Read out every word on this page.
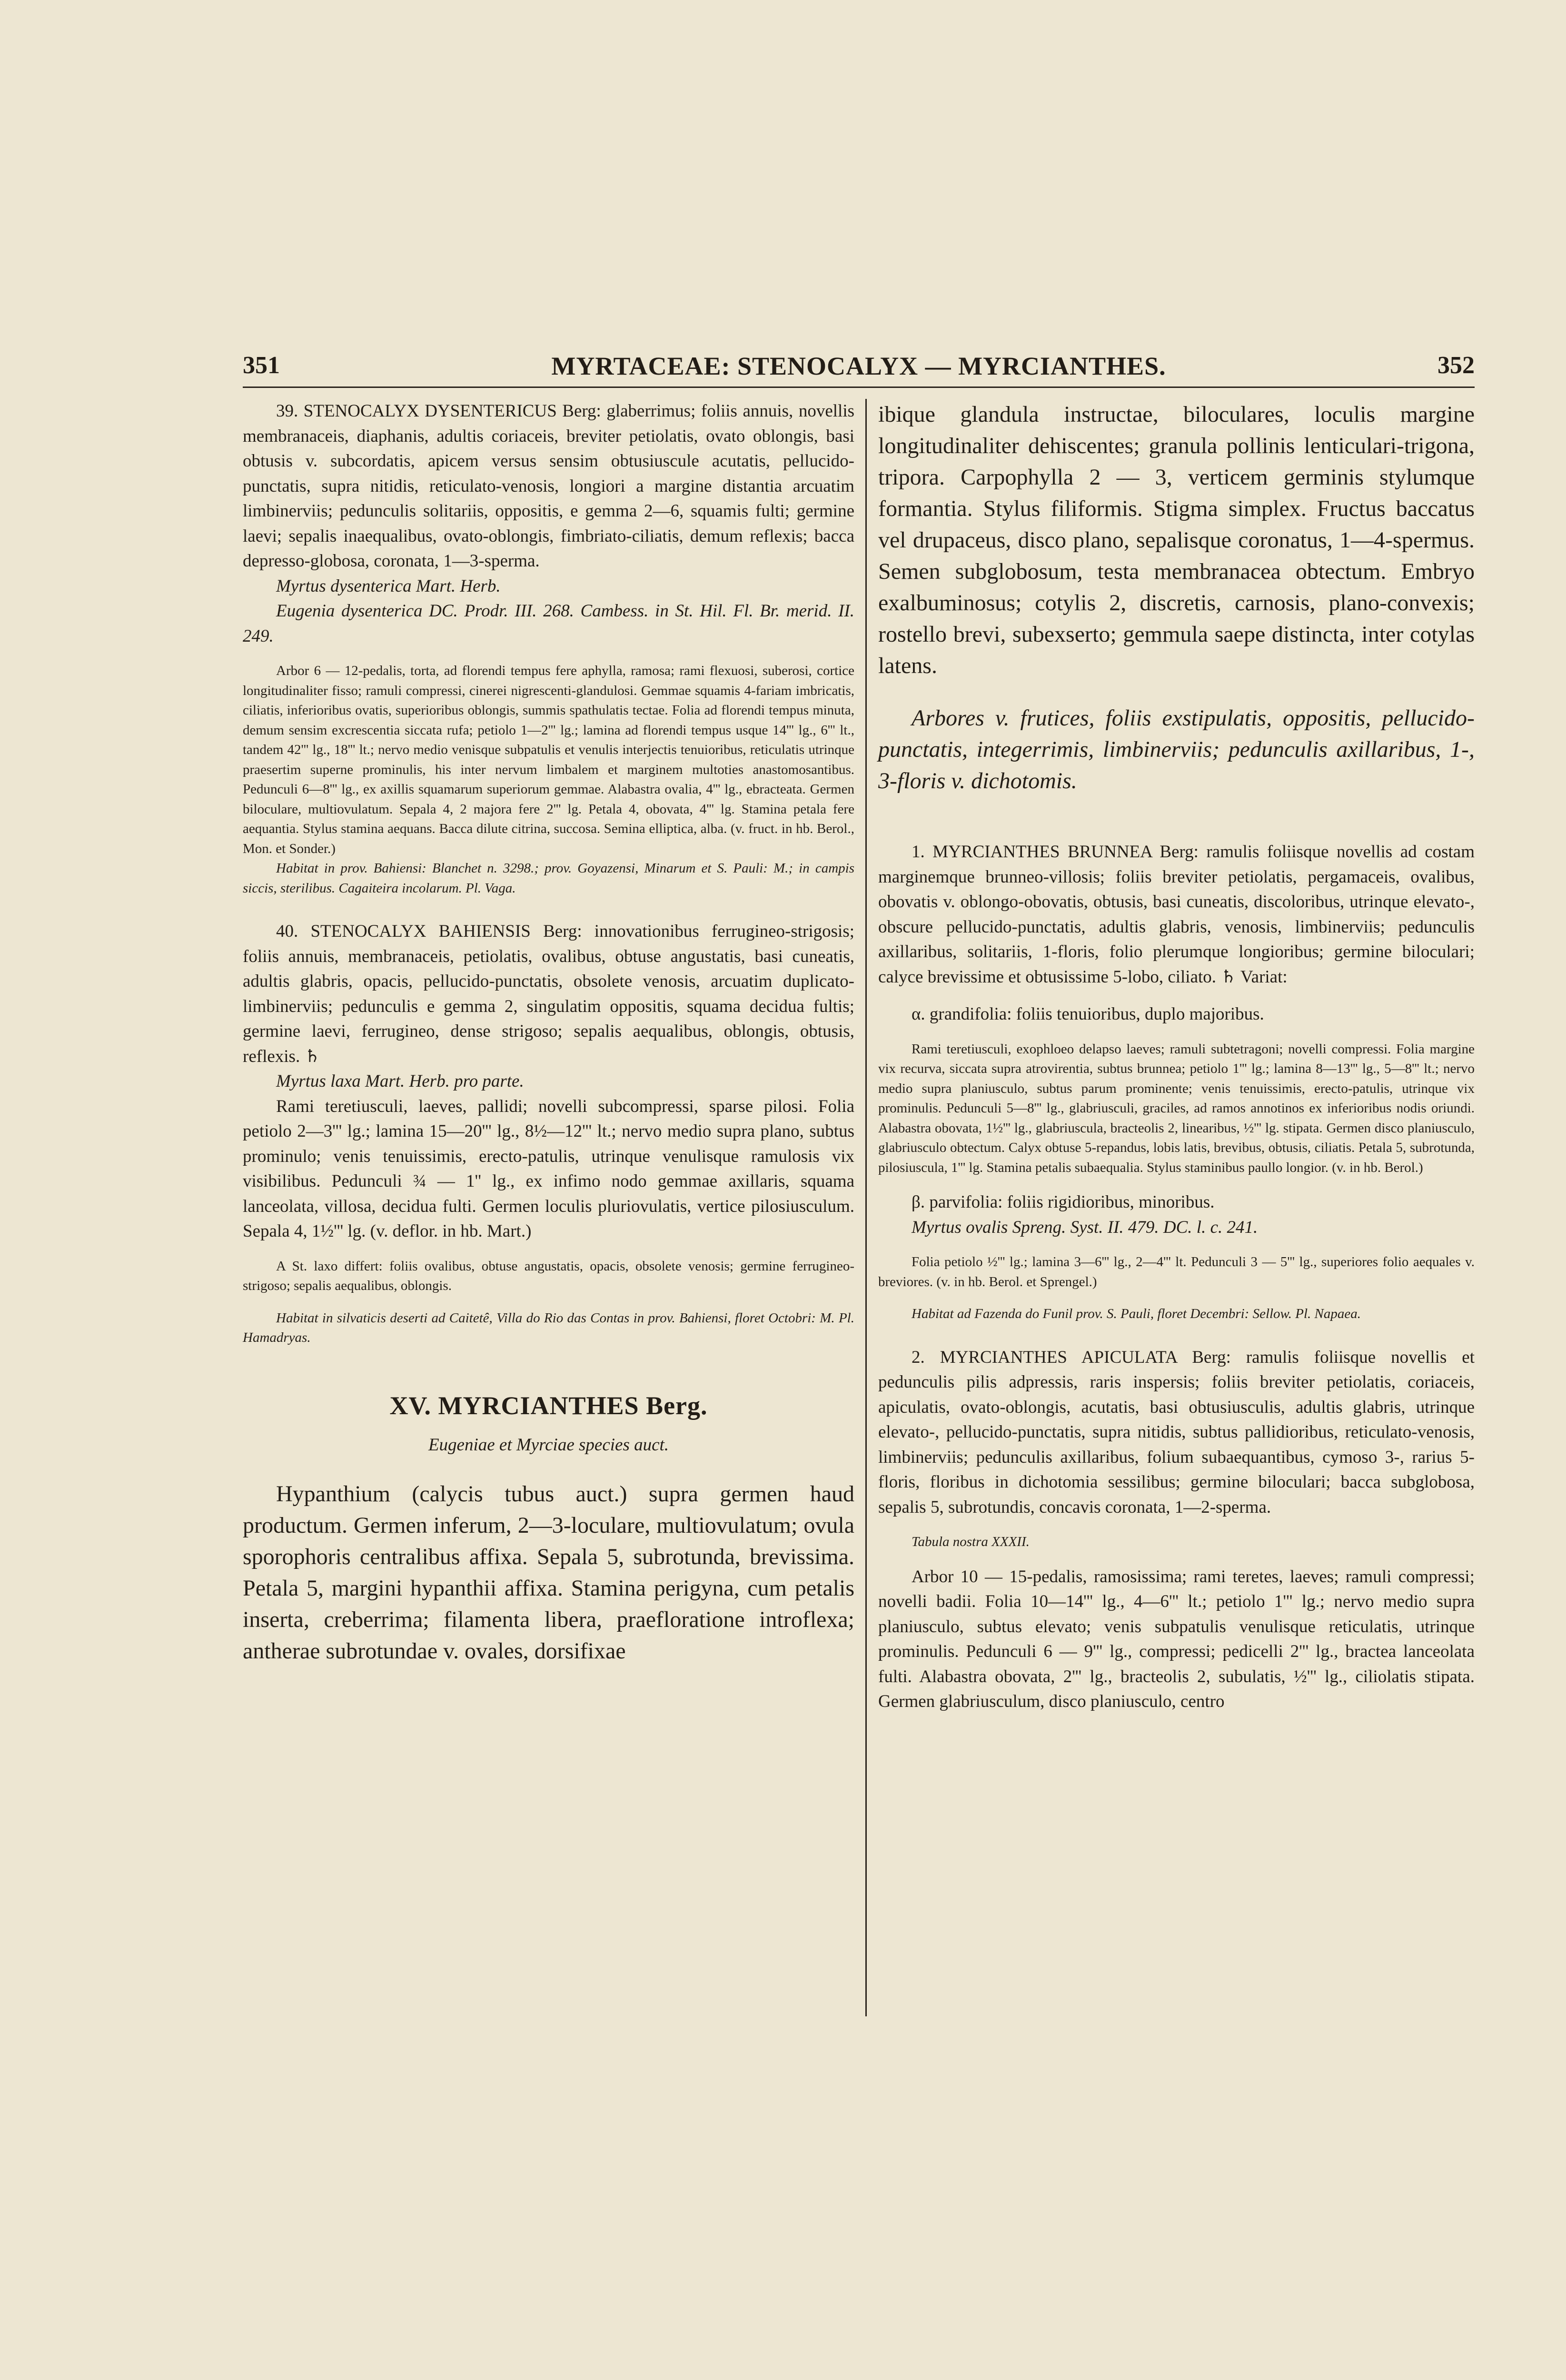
351	MYRTACEAE: STENOCALYX — MYRCIANTHES.	352

39. STENOCALYX DYSENTERICUS Berg: glaberrimus; foliis annuis, novellis membranaceis, diaphanis, adultis coriaceis, breviter petiolatis, ovato oblongis, basi obtusis v. subcordatis, apicem versus sensim obtusiuscule acutatis, pellucido-punctatis, supra nitidis, reticulato-venosis, longiori a margine distantia arcuatim limbinerviis; pedunculis solitariis, oppositis, e gemma 2—6, squamis fulti; germine laevi; sepalis inaequalibus, ovato-oblongis, fimbriato-ciliatis, demum reflexis; bacca depresso-globosa, coronata, 1—3-sperma.

Myrtus dysenterica Mart. Herb.

Eugenia dysenterica DC. Prodr. III. 268. Cambess. in St. Hil. Fl. Br. merid. II. 249.

Arbor 6 — 12-pedalis, torta, ad florendi tempus fere aphylla, ramosa; rami flexuosi, suberosi, cortice longitudinaliter fisso; ramuli compressi, cinerei nigrescenti-glandulosi. Gemmae squamis 4-fariam imbricatis, ciliatis, inferioribus ovatis, superioribus oblongis, summis spathulatis tectae. Folia ad florendi tempus minuta, demum sensim excrescentia siccata rufa; petiolo 1—2''' lg.; lamina ad florendi tempus usque 14''' lg., 6''' lt., tandem 42''' lg., 18''' lt.; nervo medio venisque subpatulis et venulis interjectis tenuioribus, reticulatis utrinque praesertim superne prominulis, his inter nervum limbalem et marginem multoties anastomosantibus. Pedunculi 6—8''' lg., ex axillis squamarum superiorum gemmae. Alabastra ovalia, 4''' lg., ebracteata. Germen biloculare, multiovulatum. Sepala 4, 2 majora fere 2''' lg. Petala 4, obovata, 4''' lg. Stamina petala fere aequantia. Stylus stamina aequans. Bacca dilute citrina, succosa. Semina elliptica, alba. (v. fruct. in hb. Berol., Mon. et Sonder.)

Habitat in prov. Bahiensi: Blanchet n. 3298.; prov. Goyazensi, Minarum et S. Pauli: M.; in campis siccis, sterilibus. Cagaiteira incolarum. Pl. Vaga.

40. STENOCALYX BAHIENSIS Berg: innovationibus ferrugineo-strigosis; foliis annuis, membranaceis, petiolatis, ovalibus, obtuse angustatis, basi cuneatis, adultis glabris, opacis, pellucido-punctatis, obsolete venosis, arcuatim duplicato-limbinerviis; pedunculis e gemma 2, singulatim oppositis, squama decidua fultis; germine laevi, ferrugineo, dense strigoso; sepalis aequalibus, oblongis, obtusis, reflexis. ♄

Myrtus laxa Mart. Herb. pro parte.

Rami teretiusculi, laeves, pallidi; novelli subcompressi, sparse pilosi. Folia petiolo 2—3''' lg.; lamina 15—20''' lg., 8½—12''' lt.; nervo medio supra plano, subtus prominulo; venis tenuissimis, erecto-patulis, utrinque venulisque ramulosis vix visibilibus. Pedunculi ¾ — 1'' lg., ex infimo nodo gemmae axillaris, squama lanceolata, villosa, decidua fulti. Germen loculis pluriovulatis, vertice pilosiusculum. Sepala 4, 1½''' lg. (v. deflor. in hb. Mart.)

A St. laxo differt: foliis ovalibus, obtuse angustatis, opacis, obsolete venosis; germine ferrugineo-strigoso; sepalis aequalibus, oblongis.

Habitat in silvaticis deserti ad Caitetê, Villa do Rio das Contas in prov. Bahiensi, floret Octobri: M. Pl. Hamadryas.

XV. MYRCIANTHES Berg.

Eugeniae et Myrciae species auct.

Hypanthium (calycis tubus auct.) supra germen haud productum. Germen inferum, 2—3-loculare, multiovulatum; ovula sporophoris centralibus affixa. Sepala 5, subrotunda, brevissima. Petala 5, margini hypanthii affixa. Stamina perigyna, cum petalis inserta, creberrima; filamenta libera, praefloratione introflexa; antherae subrotundae v. ovales, dorsifixae

ibique glandula instructae, biloculares, loculis margine longitudinaliter dehiscentes; granula pollinis lenticulari-trigona, tripora. Carpophylla 2 — 3, verticem germinis stylumque formantia. Stylus filiformis. Stigma simplex. Fructus baccatus vel drupaceus, disco plano, sepalisque coronatus, 1—4-spermus. Semen subglobosum, testa membranacea obtectum. Embryo exalbuminosus; cotylis 2, discretis, carnosis, plano-convexis; rostello brevi, subexserto; gemmula saepe distincta, inter cotylas latens.

Arbores v. frutices, foliis exstipulatis, oppositis, pellucido-punctatis, integerrimis, limbinerviis; pedunculis axillaribus, 1-, 3-floris v. dichotomis.

1. MYRCIANTHES BRUNNEA Berg: ramulis foliisque novellis ad costam marginemque brunneo-villosis; foliis breviter petiolatis, pergamaceis, ovalibus, obovatis v. oblongo-obovatis, obtusis, basi cuneatis, discoloribus, utrinque elevato-, obscure pellucido-punctatis, adultis glabris, venosis, limbinerviis; pedunculis axillaribus, solitariis, 1-floris, folio plerumque longioribus; germine biloculari; calyce brevissime et obtusissime 5-lobo, ciliato. ♄ Variat:

α. grandifolia: foliis tenuioribus, duplo majoribus.

Rami teretiusculi, exophloeo delapso laeves; ramuli subtetragoni; novelli compressi. Folia margine vix recurva, siccata supra atrovirentia, subtus brunnea; petiolo 1''' lg.; lamina 8—13''' lg., 5—8''' lt.; nervo medio supra planiusculo, subtus parum prominente; venis tenuissimis, erecto-patulis, utrinque vix prominulis. Pedunculi 5—8''' lg., glabriusculi, graciles, ad ramos annotinos ex inferioribus nodis oriundi. Alabastra obovata, 1½''' lg., glabriuscula, bracteolis 2, linearibus, ½''' lg. stipata. Germen disco planiusculo, glabriusculo obtectum. Calyx obtuse 5-repandus, lobis latis, brevibus, obtusis, ciliatis. Petala 5, subrotunda, pilosiuscula, 1''' lg. Stamina petalis subaequalia. Stylus staminibus paullo longior. (v. in hb. Berol.)

β. parvifolia: foliis rigidioribus, minoribus.

Myrtus ovalis Spreng. Syst. II. 479. DC. l. c. 241.

Folia petiolo ½''' lg.; lamina 3—6''' lg., 2—4''' lt. Pedunculi 3 — 5''' lg., superiores folio aequales v. breviores. (v. in hb. Berol. et Sprengel.)

Habitat ad Fazenda do Funil prov. S. Pauli, floret Decembri: Sellow. Pl. Napaea.

2. MYRCIANTHES APICULATA Berg: ramulis foliisque novellis et pedunculis pilis adpressis, raris inspersis; foliis breviter petiolatis, coriaceis, apiculatis, ovato-oblongis, acutatis, basi obtusiusculis, adultis glabris, utrinque elevato-, pellucido-punctatis, supra nitidis, subtus pallidioribus, reticulato-venosis, limbinerviis; pedunculis axillaribus, folium subaequantibus, cymoso 3-, rarius 5-floris, floribus in dichotomia sessilibus; germine biloculari; bacca subglobosa, sepalis 5, subrotundis, concavis coronata, 1—2-sperma.

Tabula nostra XXXII.

Arbor 10 — 15-pedalis, ramosissima; rami teretes, laeves; ramuli compressi; novelli badii. Folia 10—14''' lg., 4—6''' lt.; petiolo 1''' lg.; nervo medio supra planiusculo, subtus elevato; venis subpatulis venulisque reticulatis, utrinque prominulis. Pedunculi 6 — 9''' lg., compressi; pedicelli 2''' lg., bractea lanceolata fulti. Alabastra obovata, 2''' lg., bracteolis 2, subulatis, ½''' lg., ciliolatis stipata. Germen glabriusculum, disco planiusculo, centro
